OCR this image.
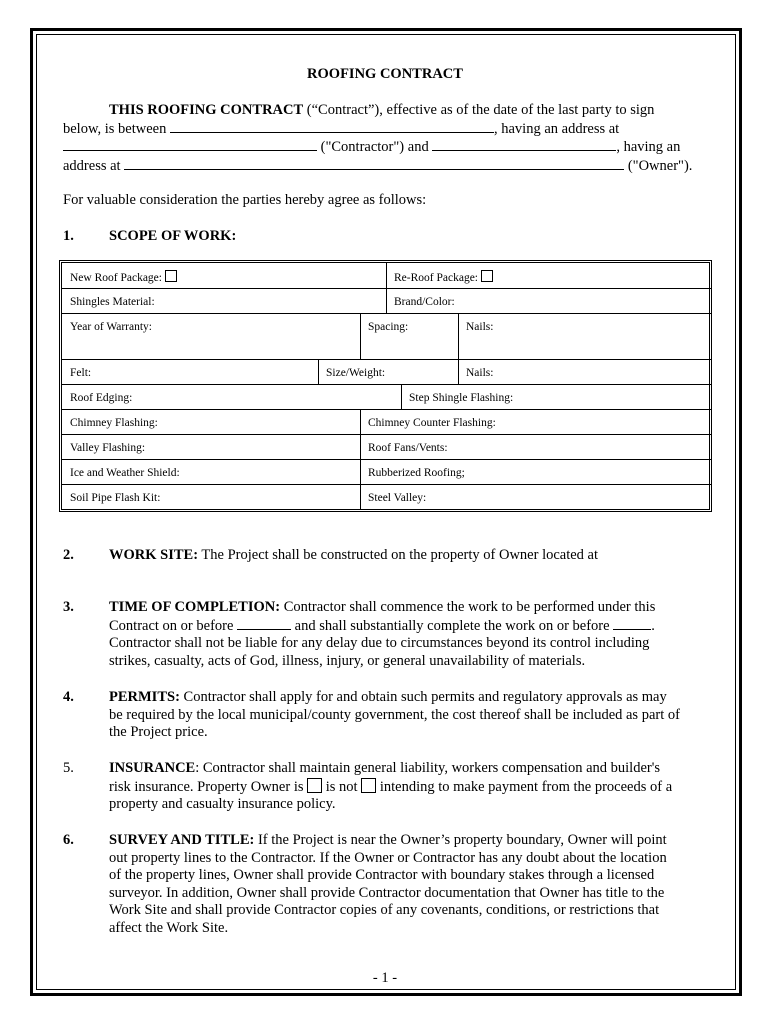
ROOFING CONTRACT
THIS ROOFING CONTRACT (“Contract”), effective as of the date of the last party to sign
below, is between	, having an address at
("Contractor") and	, having an
address at	("Owner").
For valuable consideration the parties hereby agree as follows:
1. SCOPE OF WORK:
New Roof Package:	Re-Roof Package:
Shingles Material:	Brand/Color:
Year of Warranty:	Spacing:	Nails:
Felt:	Size/Weight:	Nails:
Roof Edging:	Step Shingle Flashing:
Chimney Flashing:	Chimney Counter Flashing:
Valley Flashing:	Roof Fans/Vents:
Ice and Weather Shield:	Rubberized Roofing;
Soil Pipe Flash Kit:	Steel Valley:
2. WORK SITE: The Project shall be constructed on the property of Owner located at
3. TIME OF COMPLETION: Contractor shall commence the work to be performed under this
Contract on or before	and shall substantially complete the work on or before	.
Contractor shall not be liable for any delay due to circumstances beyond its control including
strikes, casualty, acts of God, illness, injury, or general unavailability of materials.
4. PERMITS: Contractor shall apply for and obtain such permits and regulatory approvals as may
be required by the local municipal/county government, the cost thereof shall be included as part of
the Project price.
5. INSURANCE: Contractor shall maintain general liability, workers compensation and builder's
risk insurance. Property Owner is is not intending to make payment from the proceeds of a
property and casualty insurance policy.
6. SURVEY AND TITLE: If the Project is near the Owner’s property boundary, Owner will point
out property lines to the Contractor. If the Owner or Contractor has any doubt about the location
of the property lines, Owner shall provide Contractor with boundary stakes through a licensed
surveyor. In addition, Owner shall provide Contractor documentation that Owner has title to the
Work Site and shall provide Contractor copies of any covenants, conditions, or restrictions that
affect the Work Site.
- 1 -
